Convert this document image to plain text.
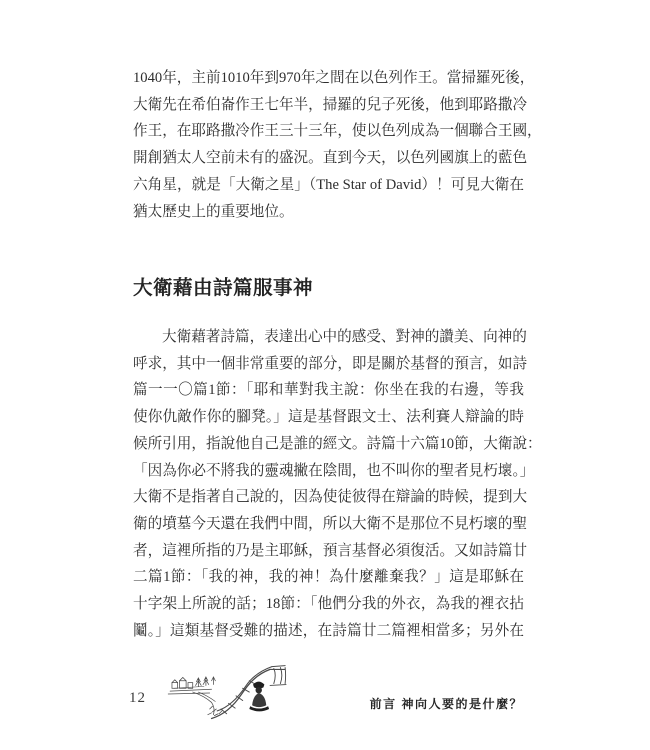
1040年，主前1010年到970年之間在以色列作王。當掃羅死後，
大衛先在希伯崙作王七年半，掃羅的兒子死後，他到耶路撒冷
作王，在耶路撒冷作王三十三年，使以色列成為一個聯合王國，
開創猶太人空前未有的盛況。直到今天，以色列國旗上的藍色
六角星，就是「大衛之星」（The Star of David）！可見大衛在
猶太歷史上的重要地位。
大衛藉由詩篇服事神
大衛藉著詩篇，表達出心中的感受、對神的讚美、向神的
呼求，其中一個非常重要的部分，即是關於基督的預言，如詩
篇一一〇篇1節：「耶和華對我主說：你坐在我的右邊，等我
使你仇敵作你的腳凳。」這是基督跟文士、法利賽人辯論的時
候所引用，指說他自己是誰的經文。詩篇十六篇10節，大衛說：
「因為你必不將我的靈魂撇在陰間，也不叫你的聖者見朽壞。」
大衛不是指著自己說的，因為使徒彼得在辯論的時候，提到大
衛的墳墓今天還在我們中間，所以大衛不是那位不見朽壞的聖
者，這裡所指的乃是主耶穌，預言基督必須復活。又如詩篇廿
二篇1節：「我的神，我的神！為什麼離棄我？」這是耶穌在
十字架上所說的話；18節：「他們分我的外衣，為我的裡衣拈
鬮。」這類基督受難的描述，在詩篇廿二篇裡相當多；另外在
12	前言 神向人要的是什麼？
